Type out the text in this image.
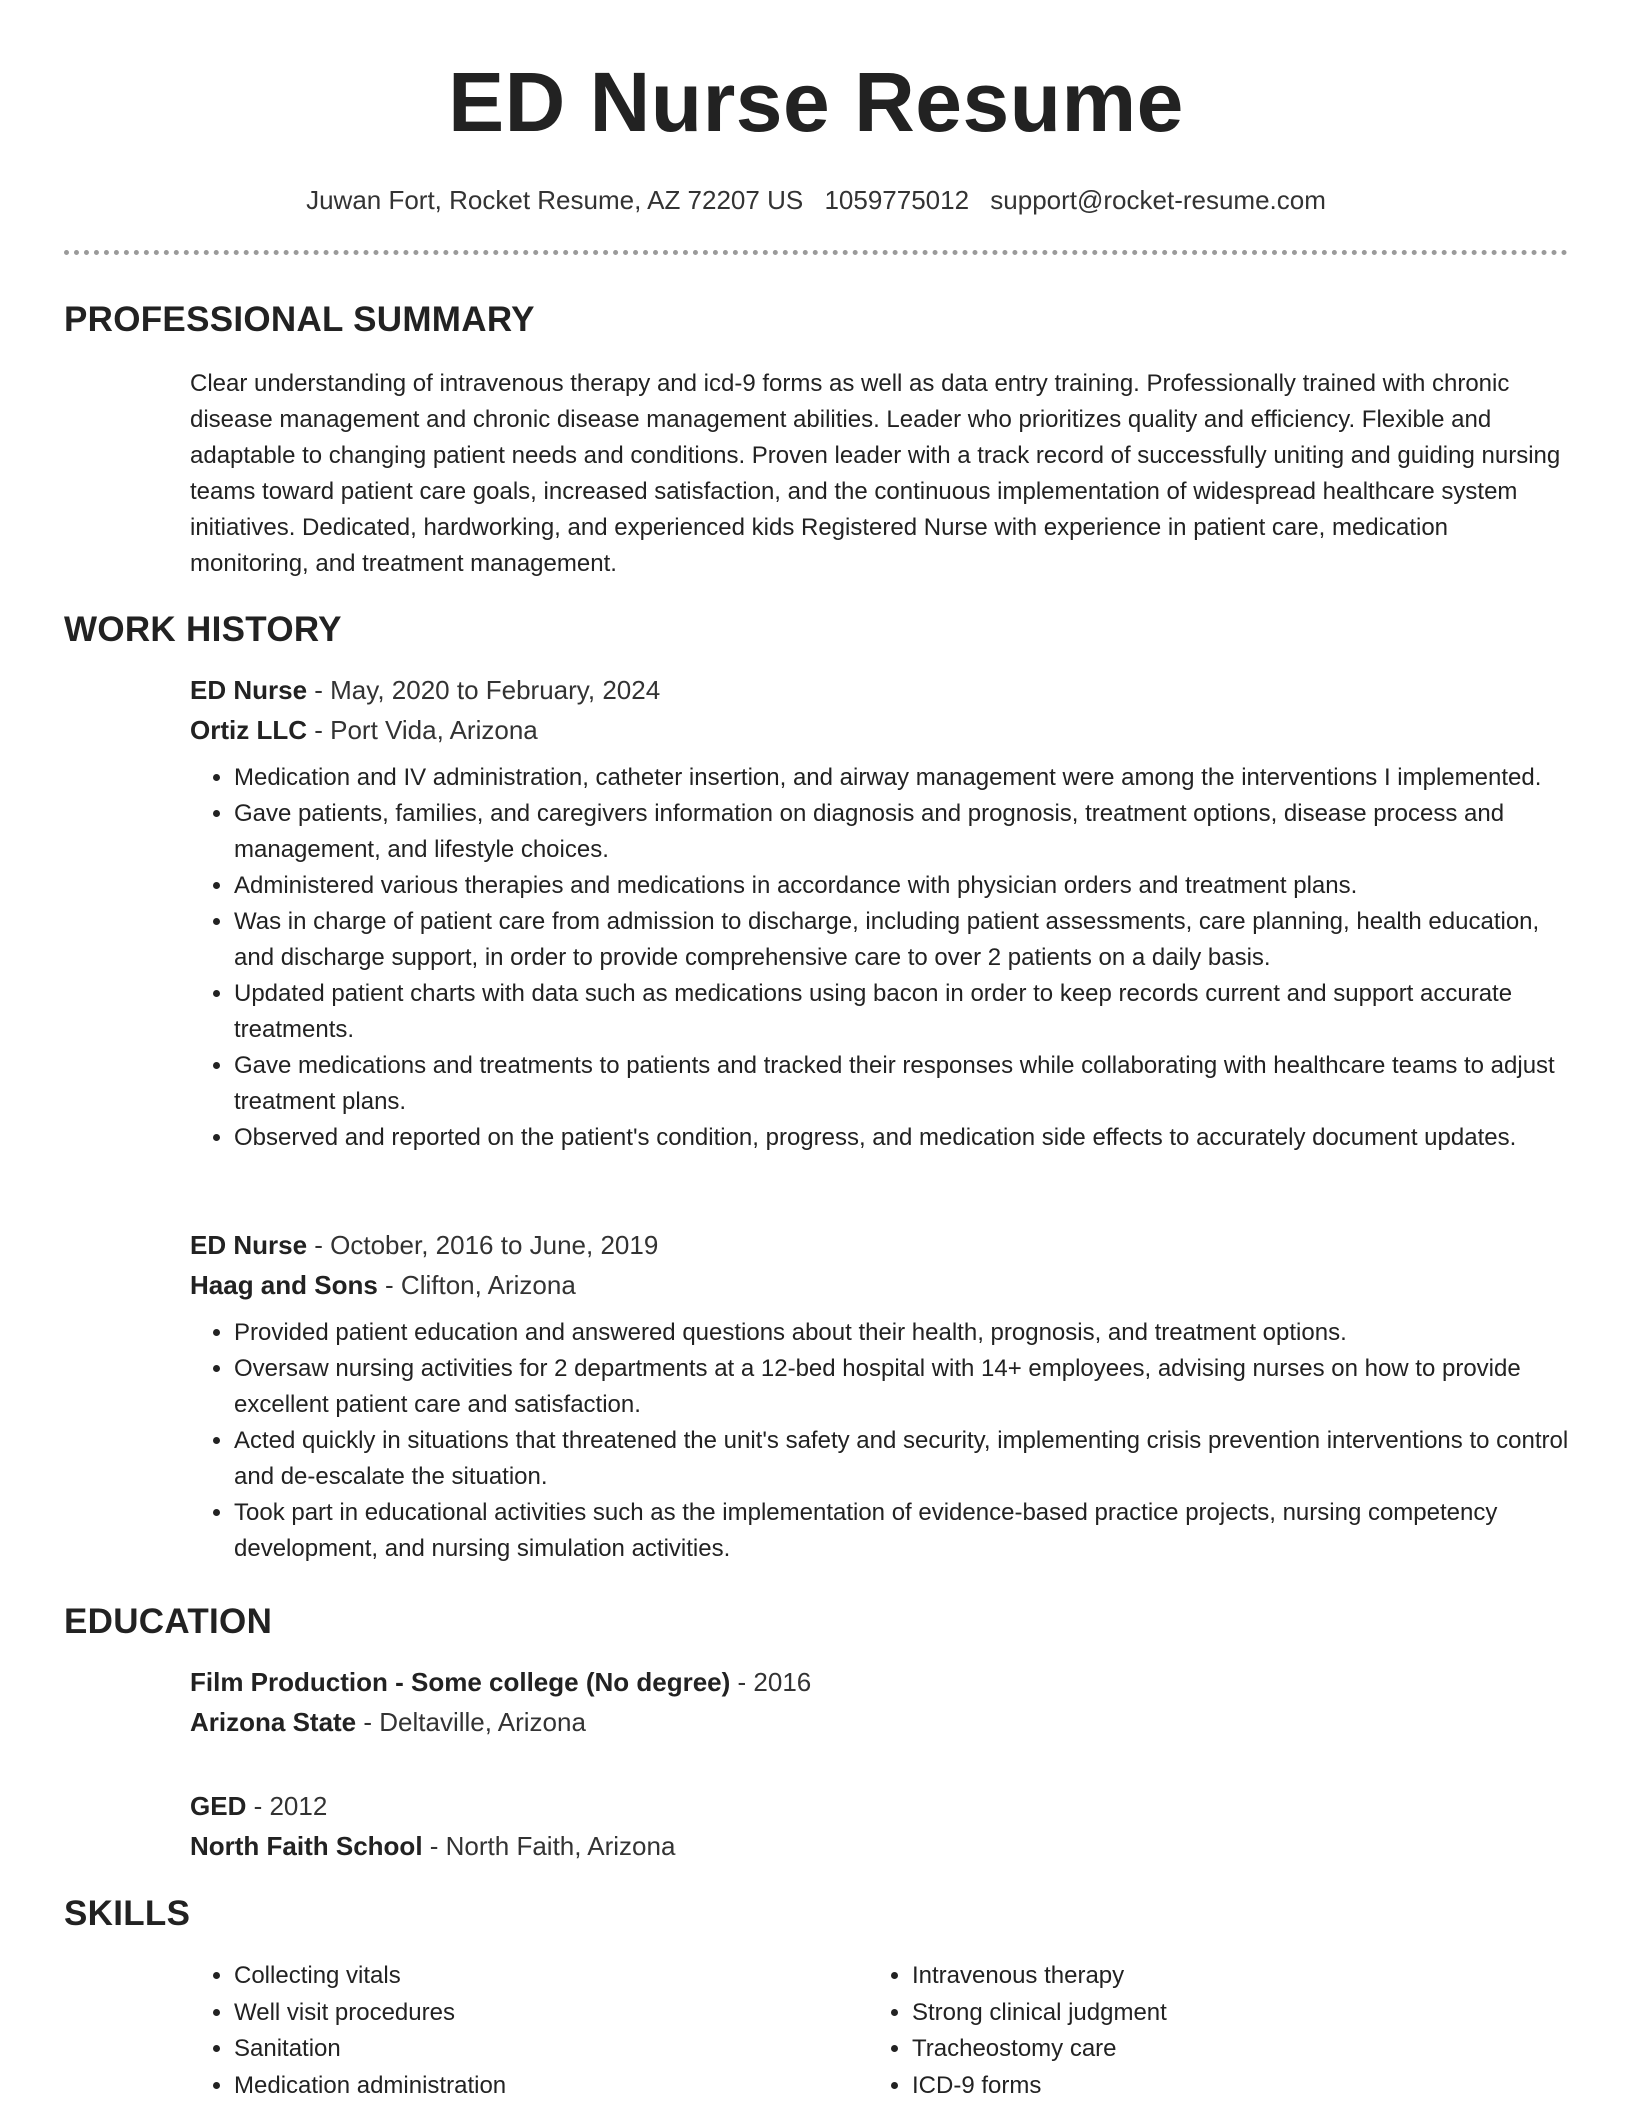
ED Nurse Resume
Juwan Fort, Rocket Resume, AZ 72207 US 1059775012 support@rocket-resume.com
PROFESSIONAL SUMMARY
Clear understanding of intravenous therapy and icd-9 forms as well as data entry training. Professionally trained with chronic disease management and chronic disease management abilities. Leader who prioritizes quality and efficiency. Flexible and adaptable to changing patient needs and conditions. Proven leader with a track record of successfully uniting and guiding nursing teams toward patient care goals, increased satisfaction, and the continuous implementation of widespread healthcare system initiatives. Dedicated, hardworking, and experienced kids Registered Nurse with experience in patient care, medication monitoring, and treatment management.
WORK HISTORY
ED Nurse - May, 2020 to February, 2024
Ortiz LLC - Port Vida, Arizona
• Medication and IV administration, catheter insertion, and airway management were among the interventions I implemented.
• Gave patients, families, and caregivers information on diagnosis and prognosis, treatment options, disease process and management, and lifestyle choices.
• Administered various therapies and medications in accordance with physician orders and treatment plans.
• Was in charge of patient care from admission to discharge, including patient assessments, care planning, health education, and discharge support, in order to provide comprehensive care to over 2 patients on a daily basis.
• Updated patient charts with data such as medications using bacon in order to keep records current and support accurate treatments.
• Gave medications and treatments to patients and tracked their responses while collaborating with healthcare teams to adjust treatment plans.
• Observed and reported on the patient's condition, progress, and medication side effects to accurately document updates.
ED Nurse - October, 2016 to June, 2019
Haag and Sons - Clifton, Arizona
• Provided patient education and answered questions about their health, prognosis, and treatment options.
• Oversaw nursing activities for 2 departments at a 12-bed hospital with 14+ employees, advising nurses on how to provide excellent patient care and satisfaction.
• Acted quickly in situations that threatened the unit's safety and security, implementing crisis prevention interventions to control and de-escalate the situation.
• Took part in educational activities such as the implementation of evidence-based practice projects, nursing competency development, and nursing simulation activities.
EDUCATION
Film Production - Some college (No degree) - 2016
Arizona State - Deltaville, Arizona
GED - 2012
North Faith School - North Faith, Arizona
SKILLS
• Collecting vitals
• Well visit procedures
• Sanitation
• Medication administration
• Intravenous therapy
• Strong clinical judgment
• Tracheostomy care
• ICD-9 forms
